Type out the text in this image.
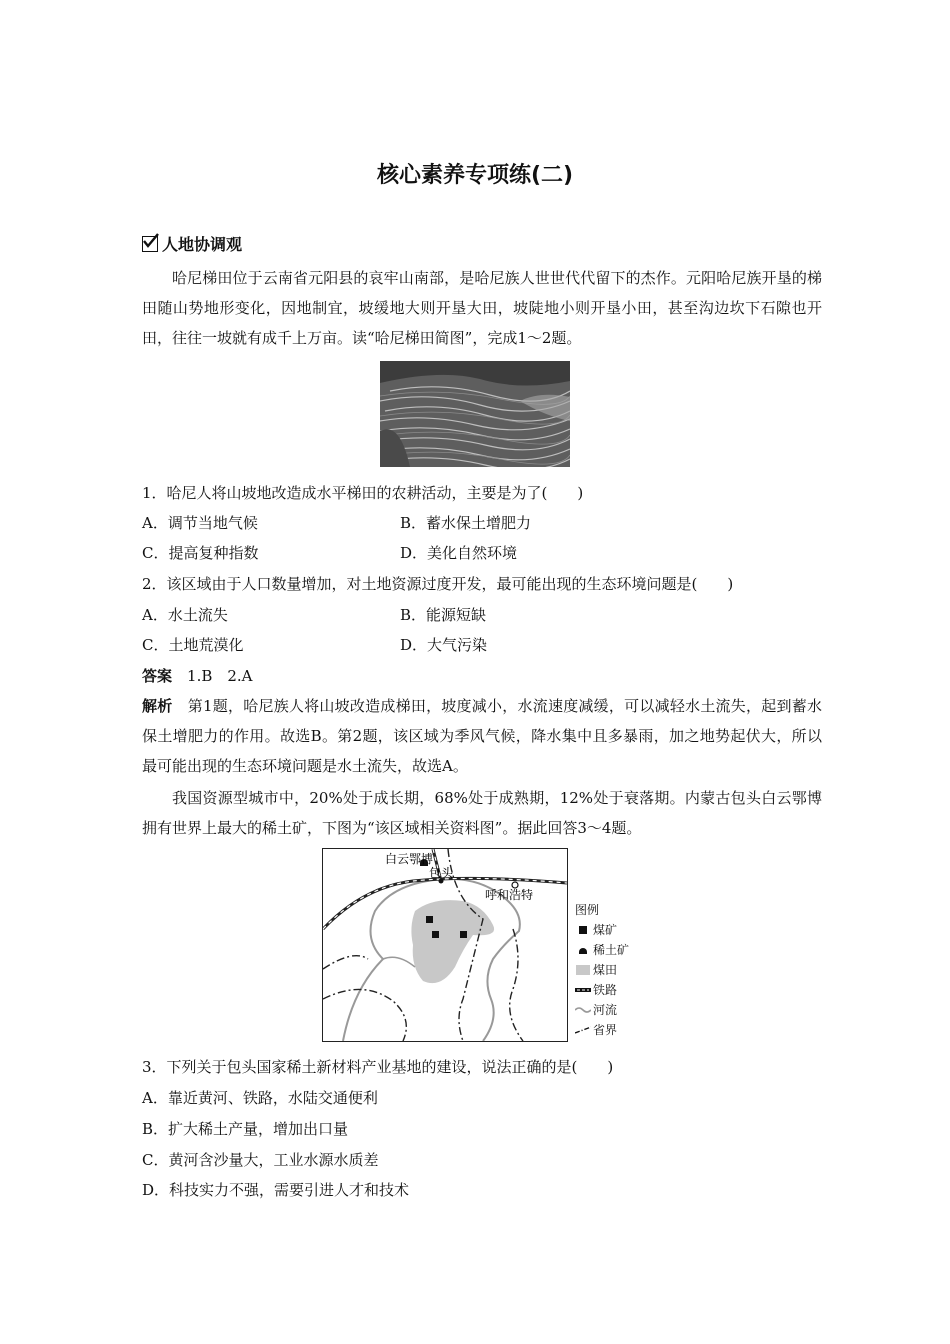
核心素养专项练(二)
人地协调观
哈尼梯田位于云南省元阳县的哀牢山南部，是哈尼族人世世代代留下的杰作。元阳哈尼族开垦的梯田随山势地形变化，因地制宜，坡缓地大则开垦大田，坡陡地小则开垦小田，甚至沟边坎下石隙也开田，往往一坡就有成千上万亩。读“哈尼梯田简图”，完成1～2题。
1．哈尼人将山坡地改造成水平梯田的农耕活动，主要是为了(　　)
A．调节当地气候	B．蓄水保土增肥力
C．提高复种指数	D．美化自然环境
2．该区域由于人口数量增加，对土地资源过度开发，最可能出现的生态环境问题是(　　)
A．水土流失	B．能源短缺
C．土地荒漠化	D．大气污染
答案　 1.B　2.A
解析　 第1题，哈尼族人将山坡改造成梯田，坡度减小，水流速度减缓，可以减轻水土流失，起到蓄水保土增肥力的作用。故选B。第2题，该区域为季风气候，降水集中且多暴雨，加之地势起伏大，所以最可能出现的生态环境问题是水土流失，故选A。
我国资源型城市中，20%处于成长期，68%处于成熟期，12%处于衰落期。内蒙古包头白云鄂博拥有世界上最大的稀土矿，下图为“该区域相关资料图”。据此回答3～4题。
白云鄂博
包头
呼和浩特
图例
煤矿
稀土矿
煤田
铁路
河流
省界
3．下列关于包头国家稀土新材料产业基地的建设，说法正确的是(　　)
A．靠近黄河、铁路，水陆交通便利
B．扩大稀土产量，增加出口量
C．黄河含沙量大，工业水源水质差
D．科技实力不强，需要引进人才和技术
